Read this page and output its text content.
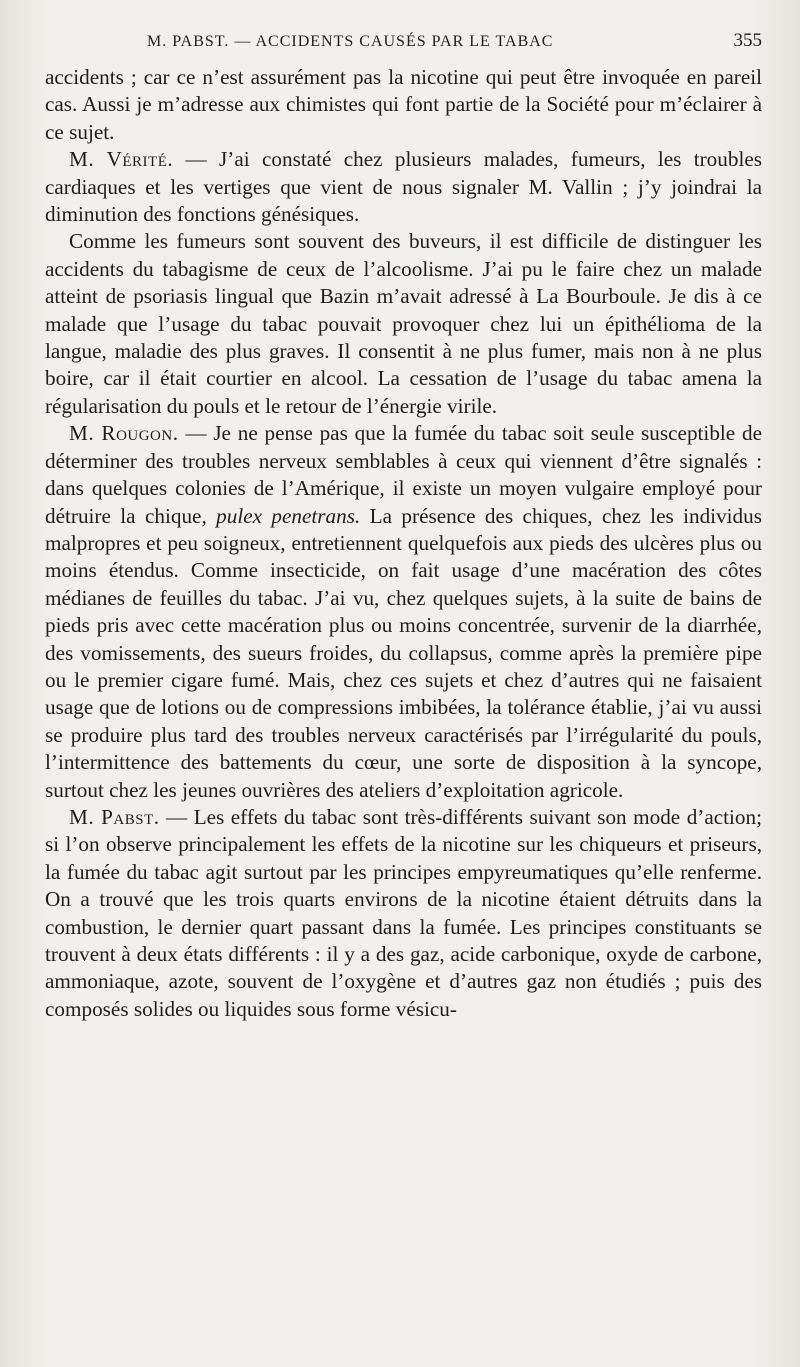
M. PABST. — ACCIDENTS CAUSÉS PAR LE TABAC	355

accidents ; car ce n’est assurément pas la nicotine qui peut être invoquée en pareil cas. Aussi je m’adresse aux chimistes qui font partie de la Société pour m’éclairer à ce sujet.

M. Vérité. — J’ai constaté chez plusieurs malades, fumeurs, les troubles cardiaques et les vertiges que vient de nous signaler M. Vallin ; j’y joindrai la diminution des fonctions génésiques.

Comme les fumeurs sont souvent des buveurs, il est difficile de distinguer les accidents du tabagisme de ceux de l’alcoolisme. J’ai pu le faire chez un malade atteint de psoriasis lingual que Bazin m’avait adressé à La Bourboule. Je dis à ce malade que l’usage du tabac pouvait provoquer chez lui un épithélioma de la langue, maladie des plus graves. Il consentit à ne plus fumer, mais non à ne plus boire, car il était courtier en alcool. La cessation de l’usage du tabac amena la régularisation du pouls et le retour de l’énergie virile.

M. Rougon. — Je ne pense pas que la fumée du tabac soit seule susceptible de déterminer des troubles nerveux semblables à ceux qui viennent d’être signalés : dans quelques colonies de l’Amérique, il existe un moyen vulgaire employé pour détruire la chique, pulex penetrans. La présence des chiques, chez les individus malpropres et peu soigneux, entretiennent quelquefois aux pieds des ulcères plus ou moins étendus. Comme insecticide, on fait usage d’une macération des côtes médianes de feuilles du tabac. J’ai vu, chez quelques sujets, à la suite de bains de pieds pris avec cette macération plus ou moins concentrée, survenir de la diarrhée, des vomissements, des sueurs froides, du collapsus, comme après la première pipe ou le premier cigare fumé. Mais, chez ces sujets et chez d’autres qui ne faisaient usage que de lotions ou de compressions imbibées, la tolérance établie, j’ai vu aussi se produire plus tard des troubles nerveux caractérisés par l’irrégularité du pouls, l’intermittence des battements du cœur, une sorte de disposition à la syncope, surtout chez les jeunes ouvrières des ateliers d’exploitation agricole.

M. Pabst. — Les effets du tabac sont très-différents suivant son mode d’action; si l’on observe principalement les effets de la nicotine sur les chiqueurs et priseurs, la fumée du tabac agit surtout par les principes empyreumatiques qu’elle renferme. On a trouvé que les trois quarts environs de la nicotine étaient détruits dans la combustion, le dernier quart passant dans la fumée. Les principes constituants se trouvent à deux états différents : il y a des gaz, acide carbonique, oxyde de carbone, ammoniaque, azote, souvent de l’oxygène et d’autres gaz non étudiés ; puis des composés solides ou liquides sous forme vésicu-
